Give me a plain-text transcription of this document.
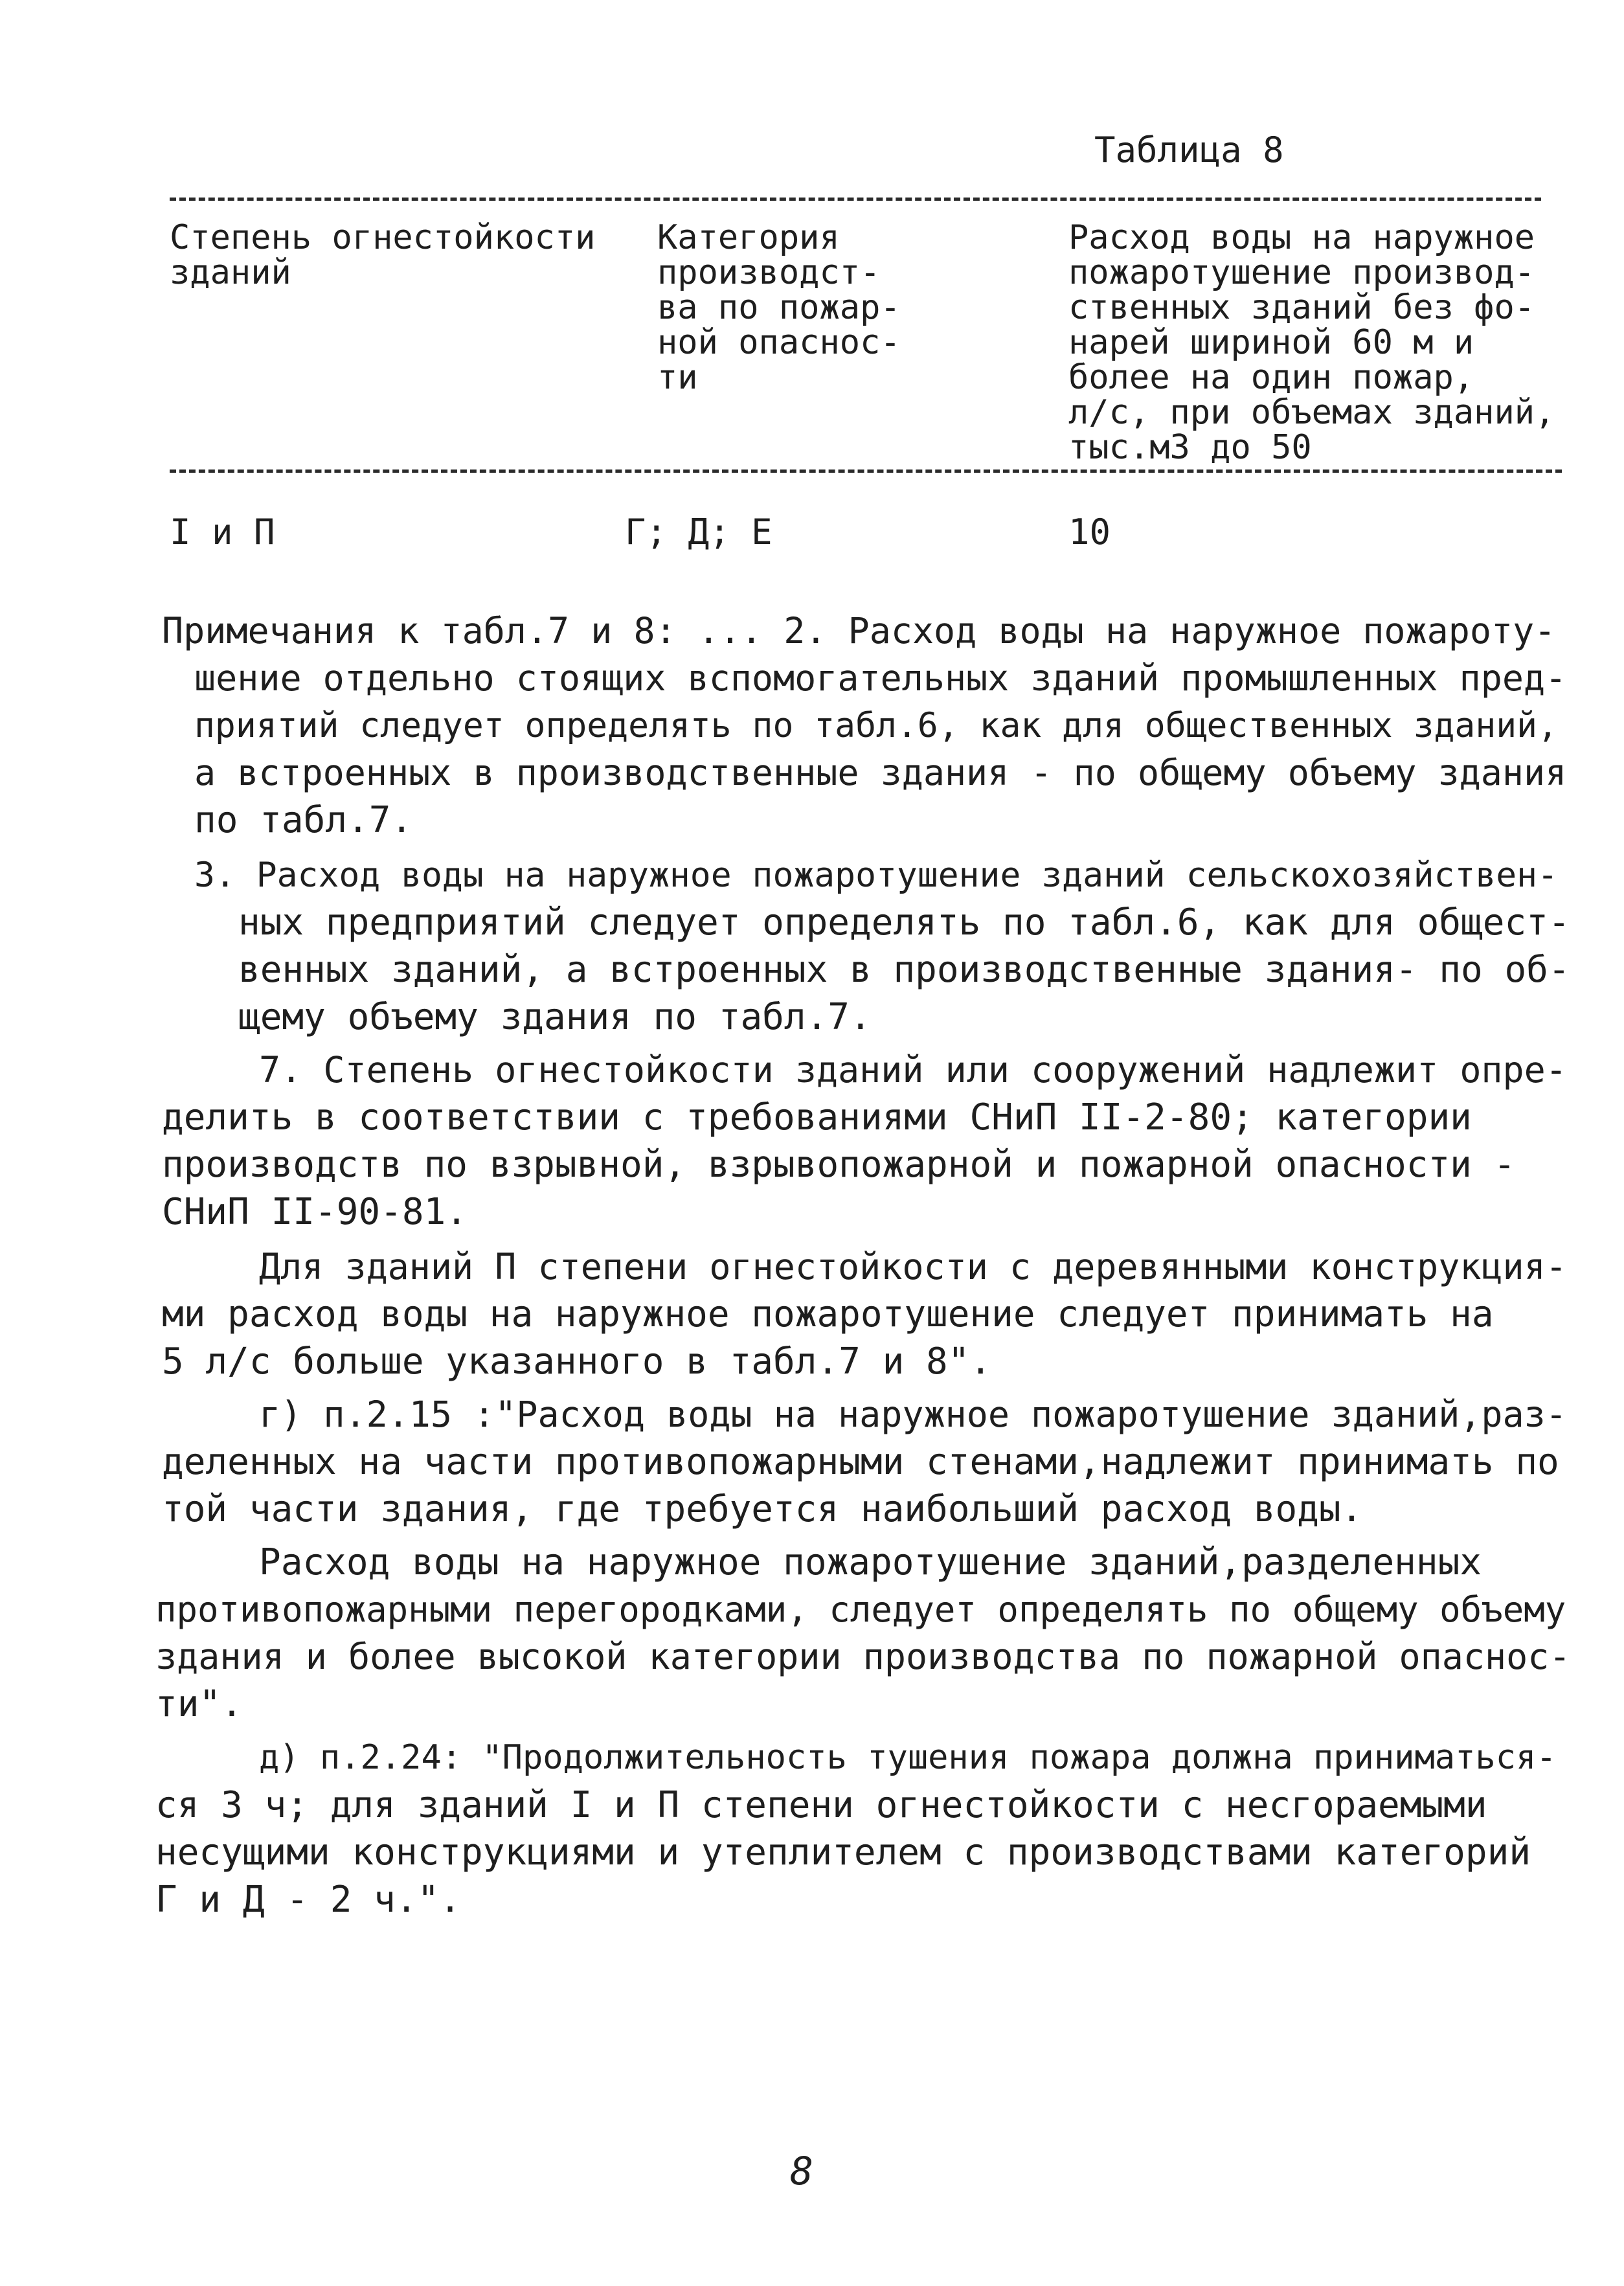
Таблица 8
Степень огнестойкости
зданий
Категория
производст-
ва по пожар-
ной опаснос-
ти
Расход воды на наружное
пожаротушение производ-
ственных зданий без фо-
нарей шириной 60 м и
более на один пожар,
л/с, при объемах зданий,
тыс.м3 до 50
I и П	Г; Д; Е	10
Примечания к табл.7 и 8: ... 2. Расход воды на наружное пожароту-
шение отдельно стоящих вспомогательных зданий промышленных пред-
приятий следует определять по табл.6, как для общественных зданий,
а встроенных в производственные здания - по общему объему здания
по табл.7.
3. Расход воды на наружное пожаротушение зданий сельскохозяйствен-
ных предприятий следует определять по табл.6, как для общест-
венных зданий, а встроенных в производственные здания- по об-
щему объему здания по табл.7.
7. Степень огнестойкости зданий или сооружений надлежит опре-
делить в соответствии с требованиями СНиП II-2-80; категории
производств по взрывной, взрывопожарной и пожарной опасности -
СНиП II-90-81.
Для зданий П степени огнестойкости с деревянными конструкция-
ми расход воды на наружное пожаротушение следует принимать на
5 л/с больше указанного в табл.7 и 8".
г) п.2.15 :"Расход воды на наружное пожаротушение зданий,раз-
деленных на части противопожарными стенами,надлежит принимать по
той части здания, где требуется наибольший расход воды.
Расход воды на наружное пожаротушение зданий,разделенных
противопожарными перегородками, следует определять по общему объему
здания и более высокой категории производства по пожарной опаснос-
ти".
д) п.2.24: "Продолжительность тушения пожара должна приниматься-
ся 3 ч; для зданий I и П степени огнестойкости с несгораемыми
несущими конструкциями и утеплителем с производствами категорий
Г и Д - 2 ч.".
8
